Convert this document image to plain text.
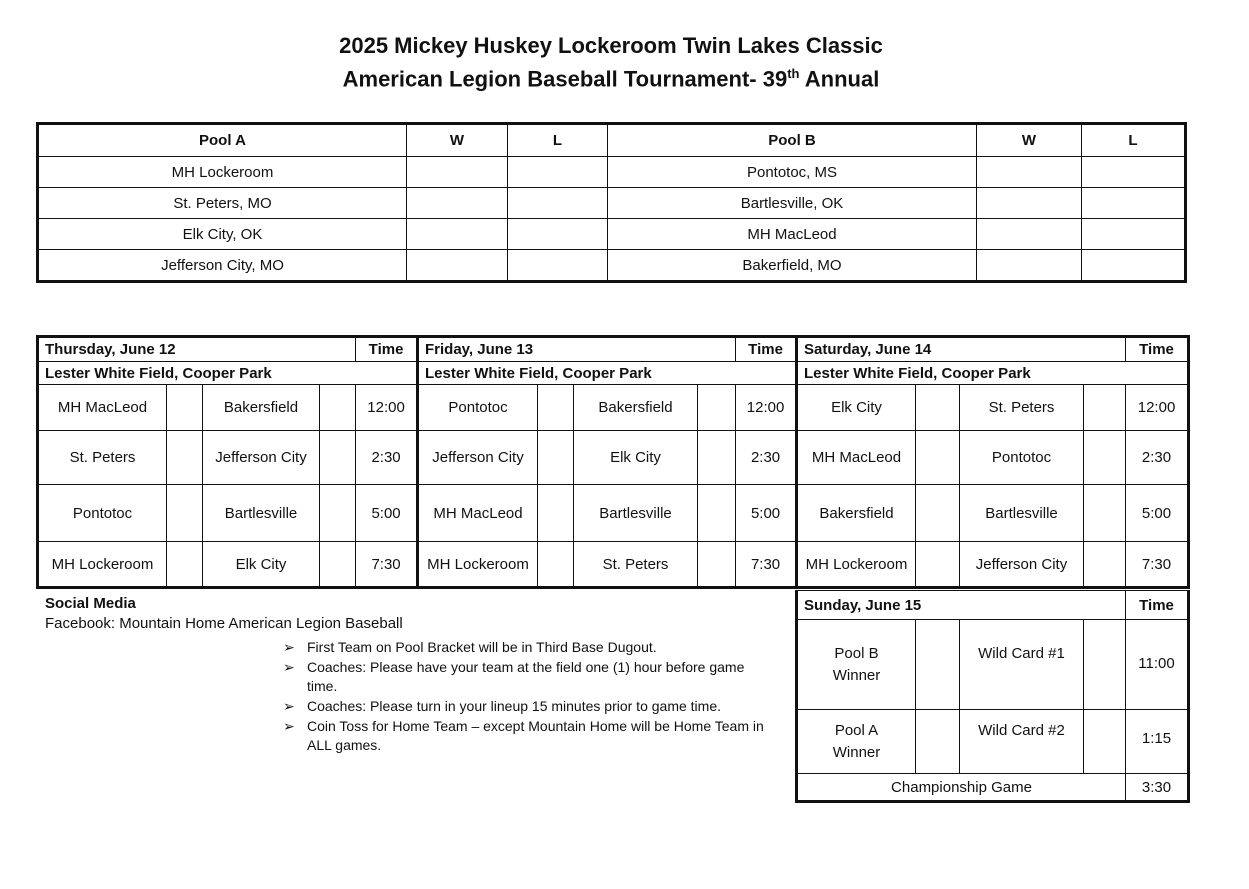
2025 Mickey Huskey Lockeroom Twin Lakes Classic
American Legion Baseball Tournament- 39th Annual
Pool A	W	L	Pool B	W	L
MH Lockeroom			Pontotoc, MS		
St. Peters, MO			Bartlesville, OK		
Elk City, OK			MH MacLeod		
Jefferson City, MO			Bakerfield, MO		
Thursday, June 12				Time
Lester White Field, Cooper Park				
MH MacLeod		Bakersfield		12:00
St. Peters		Jefferson City		2:30
Pontotoc		Bartlesville		5:00
MH Lockeroom		Elk City		7:30
Friday, June 13				Time
Lester White Field, Cooper Park				
Pontotoc		Bakersfield		12:00
Jefferson City		Elk City		2:30
MH MacLeod		Bartlesville		5:00
MH Lockeroom		St. Peters		7:30
Saturday, June 14				Time
Lester White Field, Cooper Park				
Elk City		St. Peters		12:00
MH MacLeod		Pontotoc		2:30
Bakersfield		Bartlesville		5:00
MH Lockeroom		Jefferson City		7:30
Sunday, June 15				Time
Pool B Winner		Wild Card #1		11:00
Pool A Winner		Wild Card #2		1:15
Championship Game				3:30
Social Media
Facebook: Mountain Home American Legion Baseball
➢ First Team on Pool Bracket will be in Third Base Dugout.
➢ Coaches: Please have your team at the field one (1) hour before game time.
➢ Coaches: Please turn in your lineup 15 minutes prior to game time.
➢ Coin Toss for Home Team – except Mountain Home will be Home Team in ALL games.
